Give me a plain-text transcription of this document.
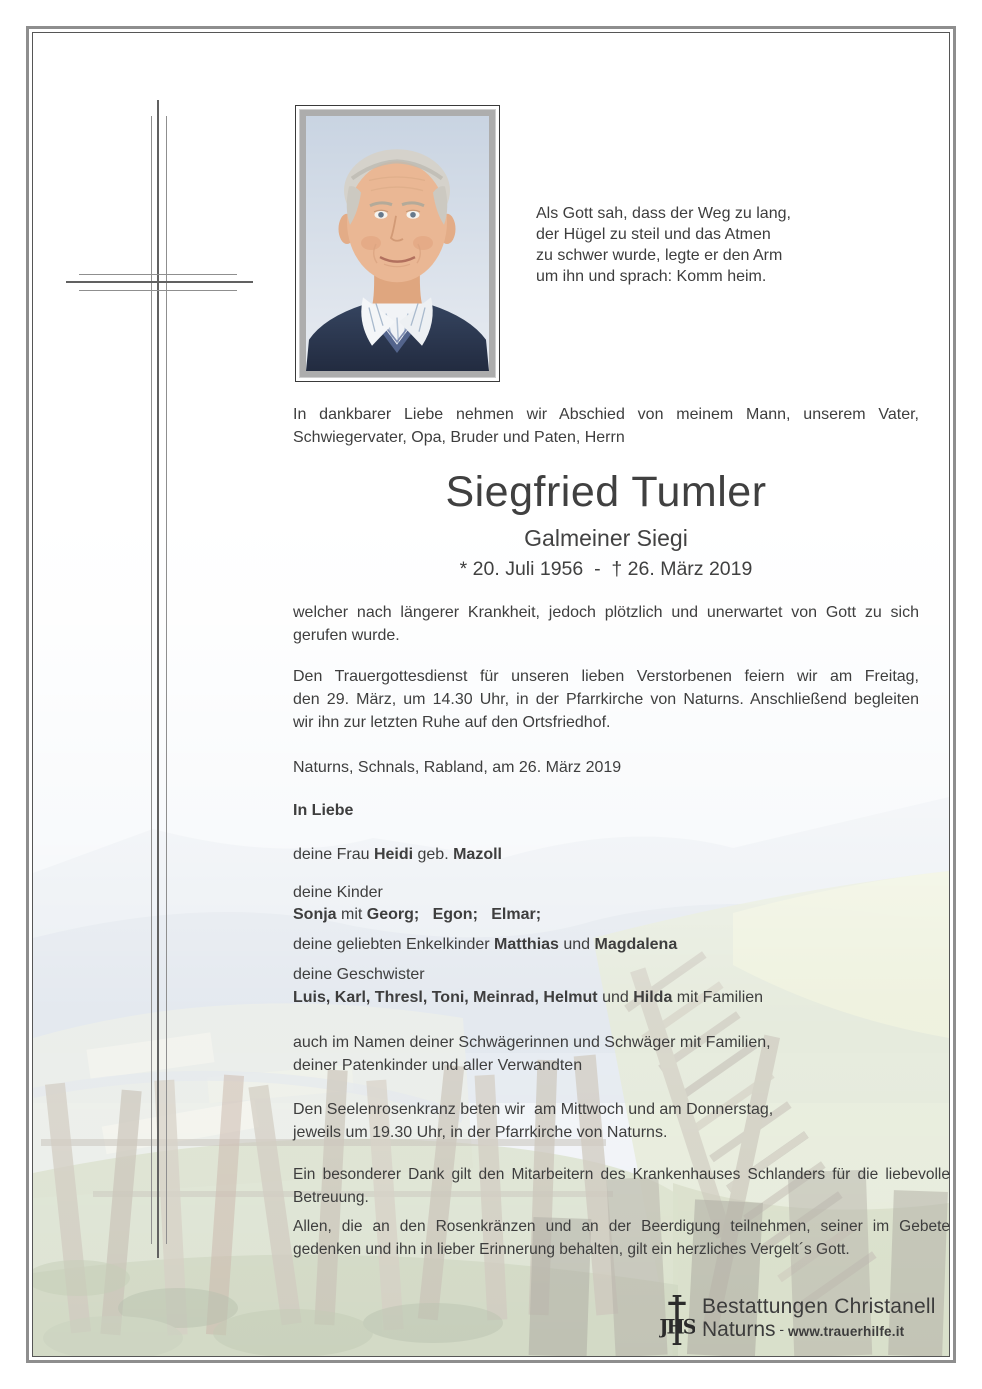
Als Gott sah, dass der Weg zu lang,
der Hügel zu steil und das Atmen
zu schwer wurde, legte er den Arm
um ihn und sprach: Komm heim.
In dankbarer Liebe nehmen wir Abschied von meinem Mann, unserem Vater,
Schwiegervater, Opa, Bruder und Paten, Herrn
Siegfried Tumler
Galmeiner Siegi
* 20. Juli 1956  -  † 26. März 2019
welcher nach längerer Krankheit, jedoch plötzlich und unerwartet von Gott zu sich
gerufen wurde.
Den Trauergottesdienst für unseren lieben Verstorbenen feiern wir am Freitag,
den 29. März, um 14.30 Uhr, in der Pfarrkirche von Naturns. Anschließend begleiten
wir ihn zur letzten Ruhe auf den Ortsfriedhof.
Naturns, Schnals, Rabland, am 26. März 2019
In Liebe
deine Frau Heidi geb. Mazoll
deine Kinder
Sonja mit Georg; Egon; Elmar;
deine geliebten Enkelkinder Matthias und Magdalena
deine Geschwister
Luis, Karl, Thresl, Toni, Meinrad, Helmut und Hilda mit Familien
auch im Namen deiner Schwägerinnen und Schwäger mit Familien,
deiner Patenkinder und aller Verwandten
Den Seelenrosenkranz beten wir  am Mittwoch und am Donnerstag,
jeweils um 19.30 Uhr, in der Pfarrkirche von Naturns.
Ein besonderer Dank gilt den Mitarbeitern des Krankenhauses Schlanders für die liebevolle
Betreuung.
Allen, die an den Rosenkränzen und an der Beerdigung teilnehmen, seiner im Gebete
gedenken und ihn in lieber Erinnerung behalten, gilt ein herzliches Vergelt´s Gott.
JHS
Bestattungen Christanell
Naturns - www.trauerhilfe.it
